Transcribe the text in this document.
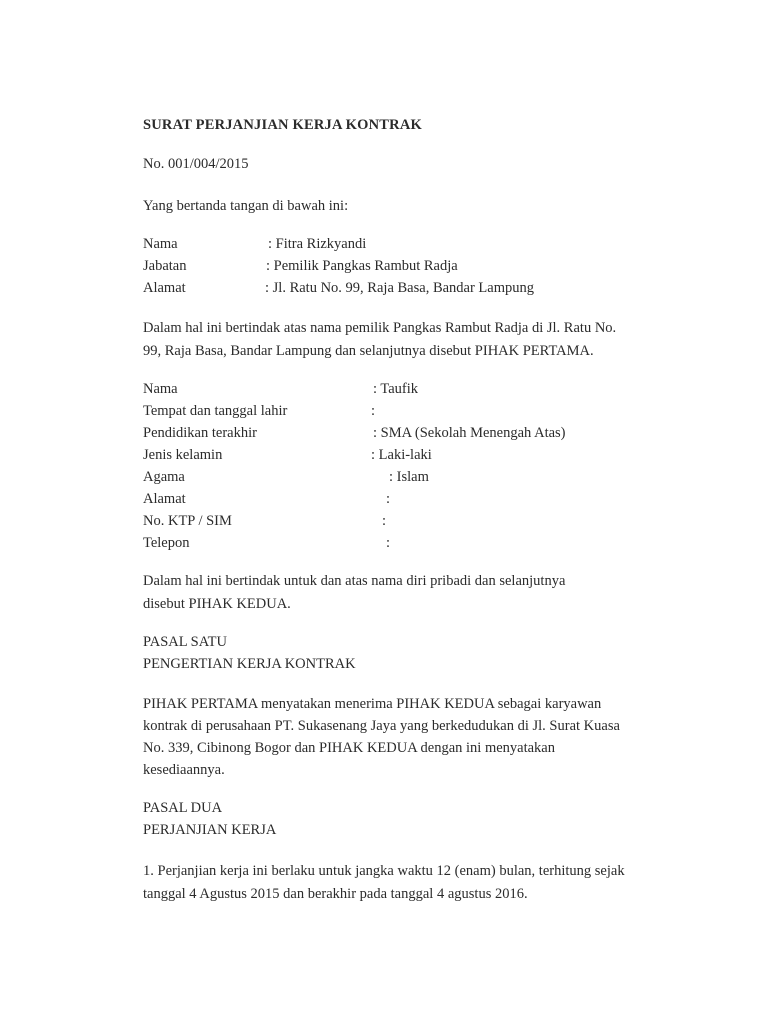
SURAT PERJANJIAN KERJA KONTRAK
No. 001/004/2015
Yang bertanda tangan di bawah ini:
Nama	: Fitra Rizkyandi
Jabatan	: Pemilik Pangkas Rambut Radja
Alamat	: Jl. Ratu No. 99, Raja Basa, Bandar Lampung
Dalam hal ini bertindak atas nama pemilik Pangkas Rambut Radja di Jl. Ratu No.
99, Raja Basa, Bandar Lampung dan selanjutnya disebut PIHAK PERTAMA.
Nama	: Taufik
Tempat dan tanggal lahir	:
Pendidikan terakhir	: SMA (Sekolah Menengah Atas)
Jenis kelamin	: Laki-laki
Agama	: Islam
Alamat	:
No. KTP / SIM	:
Telepon	:
Dalam hal ini bertindak untuk dan atas nama diri pribadi dan selanjutnya
disebut PIHAK KEDUA.
PASAL SATU
PENGERTIAN KERJA KONTRAK
PIHAK PERTAMA menyatakan menerima PIHAK KEDUA sebagai karyawan
kontrak di perusahaan PT. Sukasenang Jaya yang berkedudukan di Jl. Surat Kuasa
No. 339, Cibinong Bogor dan PIHAK KEDUA dengan ini menyatakan
kesediaannya.
PASAL DUA
PERJANJIAN KERJA
1. Perjanjian kerja ini berlaku untuk jangka waktu 12 (enam) bulan, terhitung sejak
tanggal 4 Agustus 2015 dan berakhir pada tanggal 4 agustus 2016.
